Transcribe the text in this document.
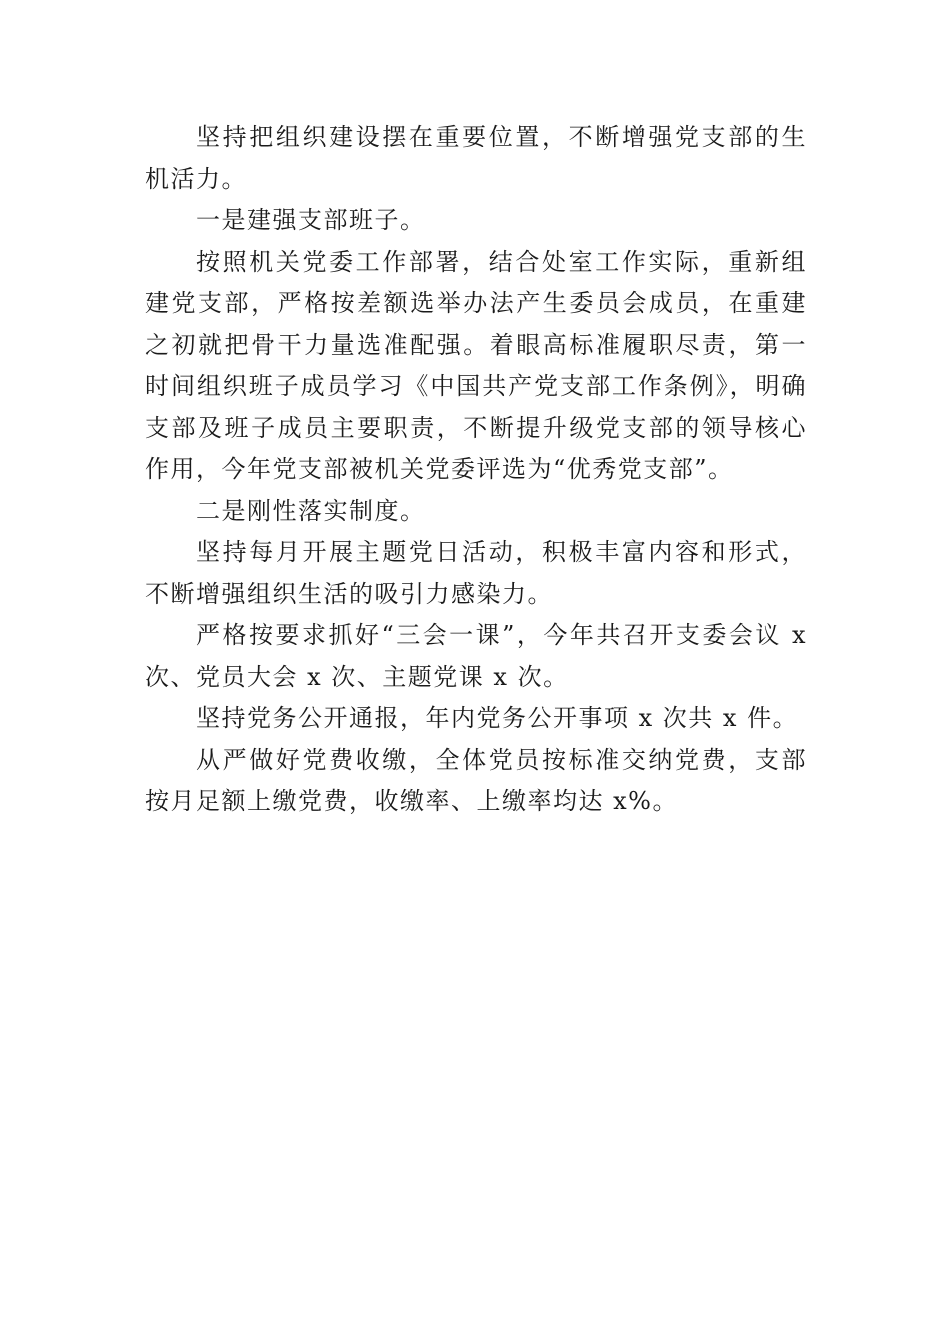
坚持把组织建设摆在重要位置，不断增强党支部的生机活力。

一是建强支部班子。

按照机关党委工作部署，结合处室工作实际，重新组建党支部，严格按差额选举办法产生委员会成员，在重建之初就把骨干力量选准配强。着眼高标准履职尽责，第一时间组织班子成员学习《中国共产党支部工作条例》，明确支部及班子成员主要职责，不断提升级党支部的领导核心作用，今年党支部被机关党委评选为“优秀党支部”。

二是刚性落实制度。

坚持每月开展主题党日活动，积极丰富内容和形式，不断增强组织生活的吸引力感染力。

严格按要求抓好“三会一课”，今年共召开支委会议 x 次、党员大会 x 次、主题党课 x 次。

坚持党务公开通报，年内党务公开事项 x 次共 x 件。

从严做好党费收缴，全体党员按标准交纳党费，支部按月足额上缴党费，收缴率、上缴率均达 x%。
